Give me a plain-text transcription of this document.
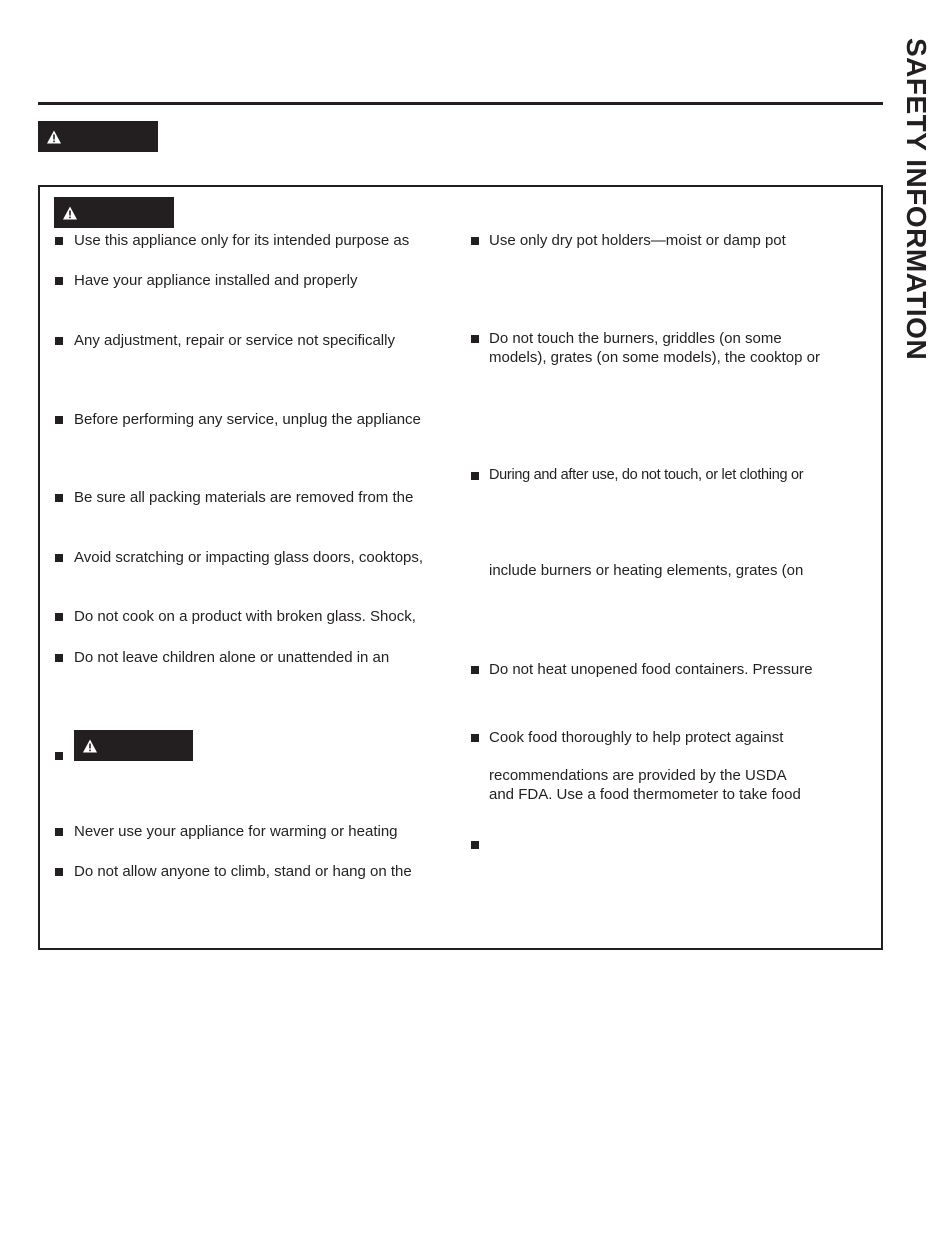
SAFETY INFORMATION
Use this appliance only for its intended purpose as
Have your appliance installed and properly
Any adjustment, repair or service not specifically
Before performing any service, unplug the appliance
Be sure all packing materials are removed from the
Avoid scratching or impacting glass doors, cooktops,
Do not cook on a product with broken glass. Shock,
Do not leave children alone or unattended in an
Never use your appliance for warming or heating
Do not allow anyone to climb, stand or hang on the
Use only dry pot holders—moist or damp pot
Do not touch the burners, griddles (on some
models), grates (on some models), the cooktop or
During and after use, do not touch, or let clothing or
include burners or heating elements, grates (on
Do not heat unopened food containers. Pressure
Cook food thoroughly to help protect against
recommendations are provided by the USDA
and FDA. Use a food thermometer to take food
